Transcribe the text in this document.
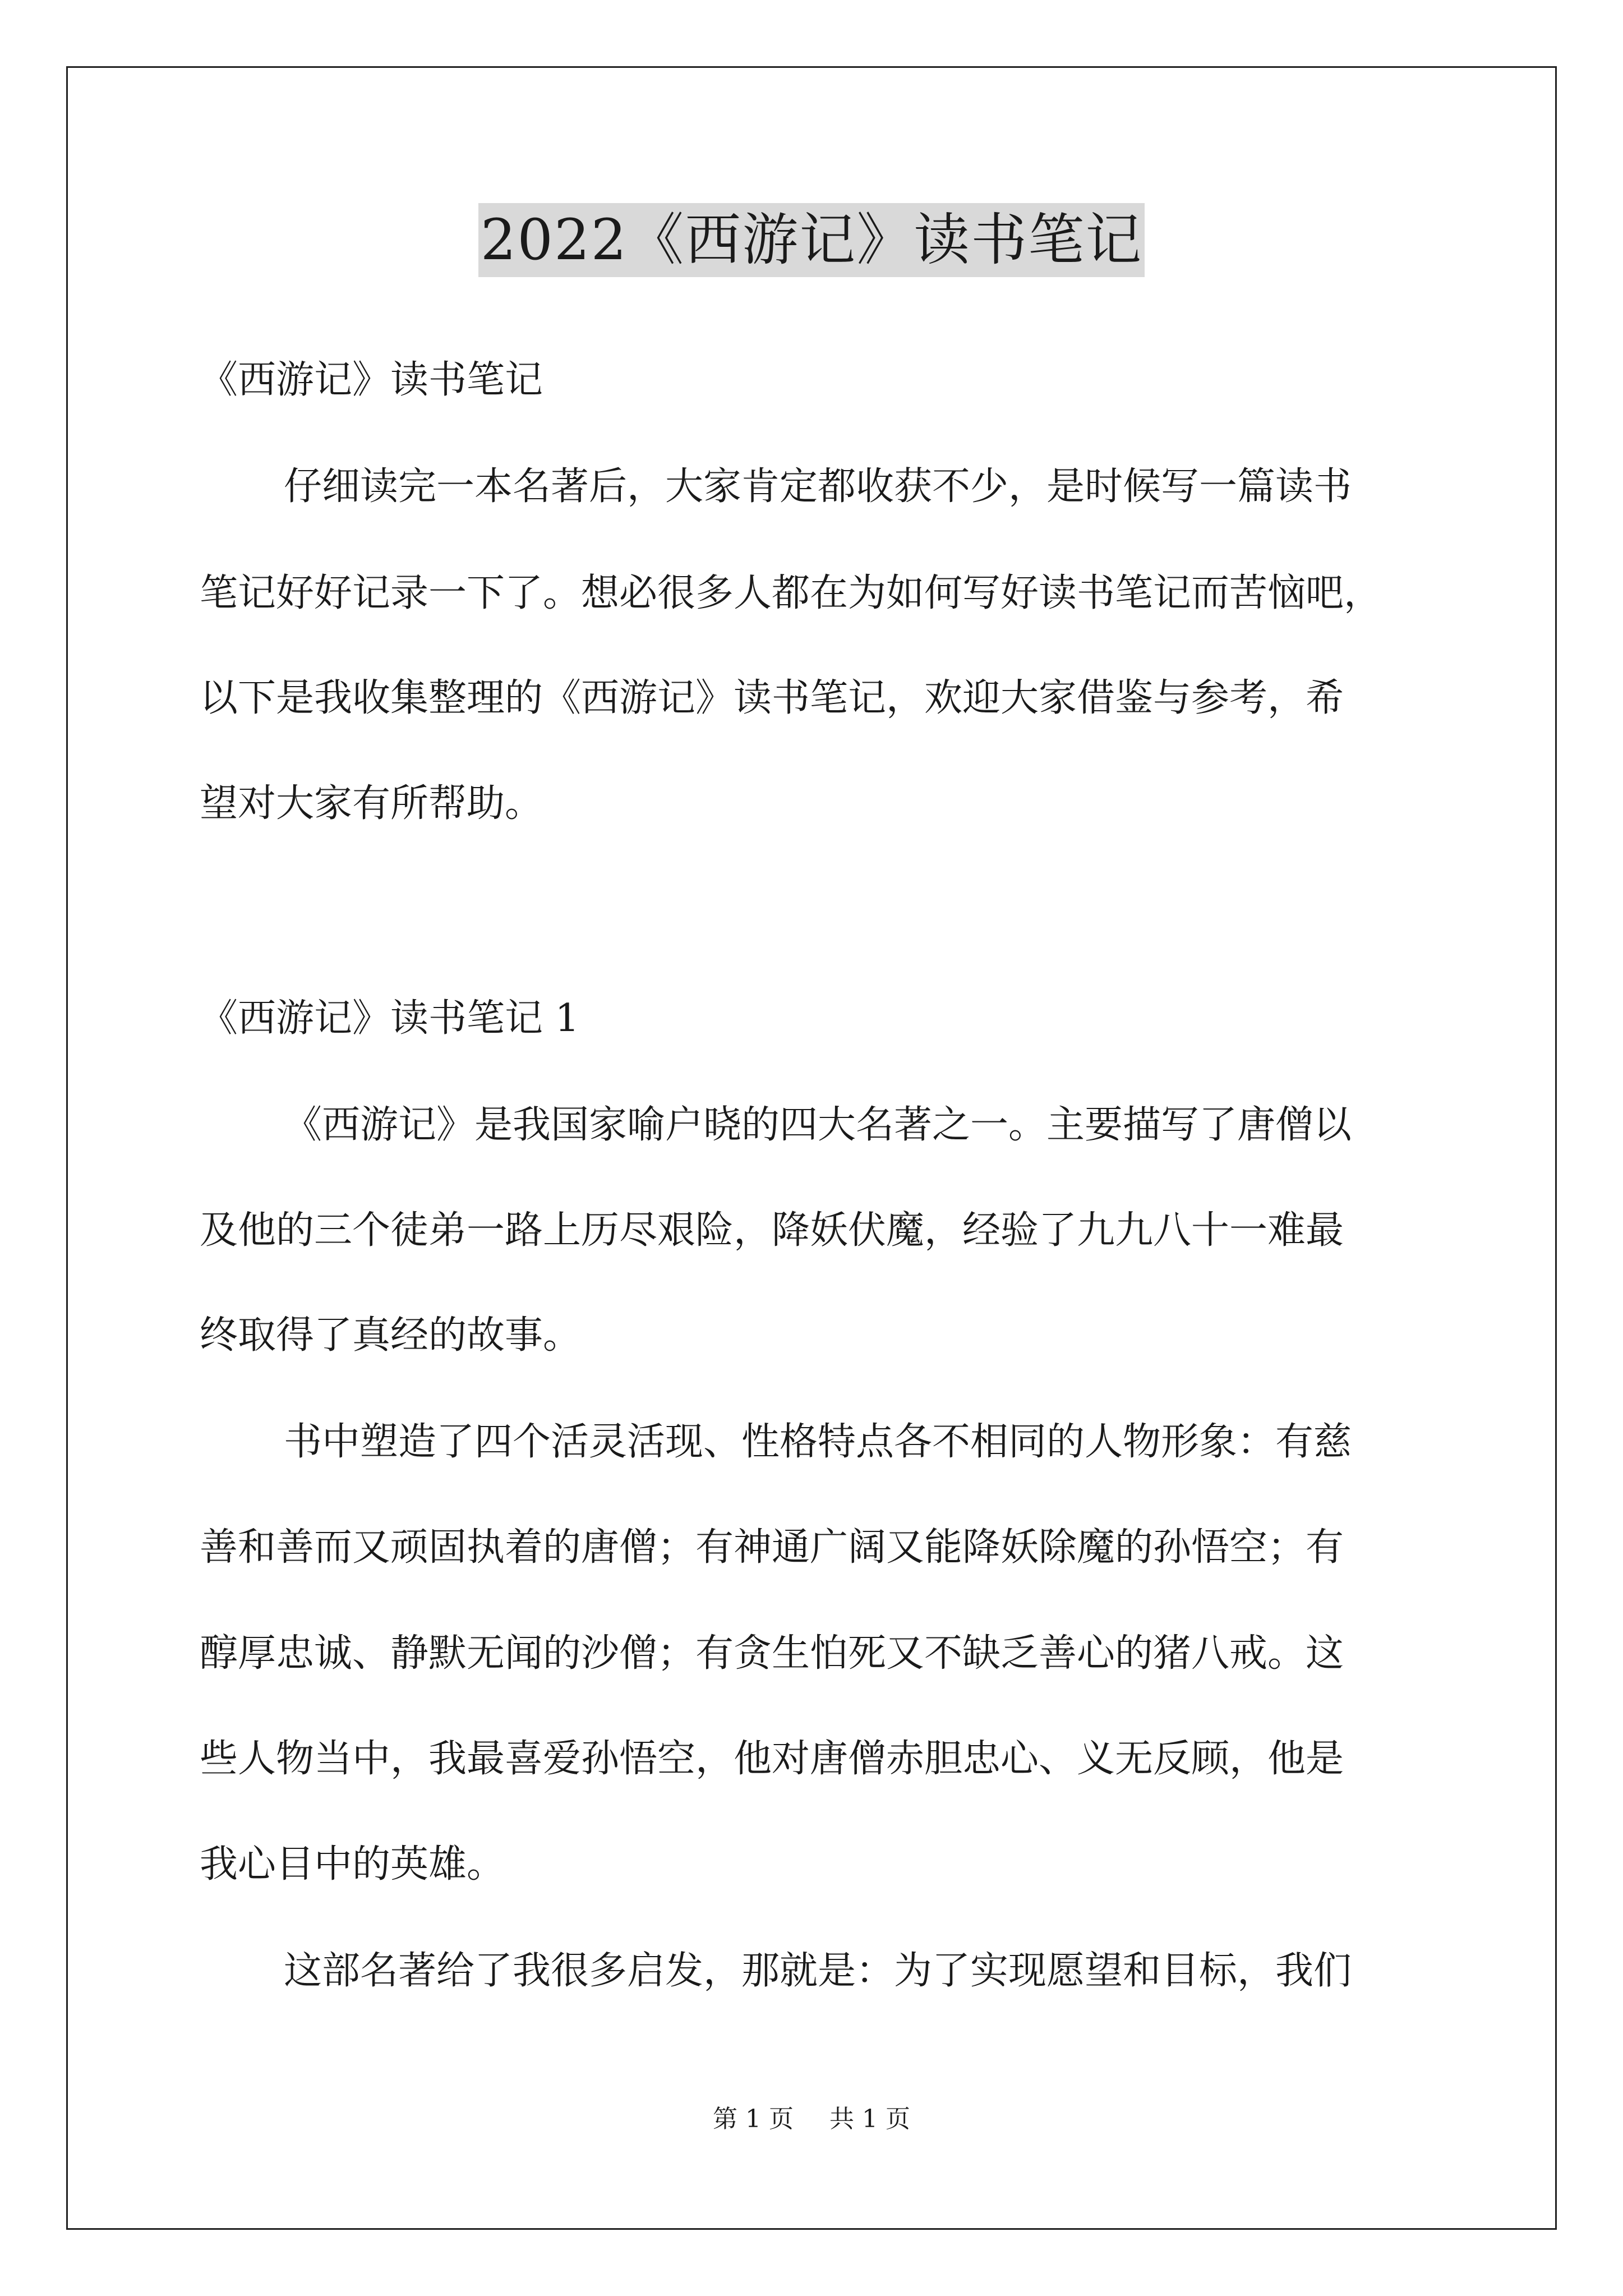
2022《西游记》读书笔记

《西游记》读书笔记

仔细读完一本名著后，大家肯定都收获不少，是时候写一篇读书

笔记好好记录一下了。想必很多人都在为如何写好读书笔记而苦恼吧，

以下是我收集整理的《西游记》读书笔记，欢迎大家借鉴与参考，希

望对大家有所帮助。

《西游记》读书笔记 1

《西游记》是我国家喻户晓的四大名著之一。主要描写了唐僧以

及他的三个徒弟一路上历尽艰险，降妖伏魔，经验了九九八十一难最

终取得了真经的故事。

书中塑造了四个活灵活现、性格特点各不相同的人物形象：有慈

善和善而又顽固执着的唐僧；有神通广阔又能降妖除魔的孙悟空；有

醇厚忠诚、静默无闻的沙僧；有贪生怕死又不缺乏善心的猪八戒。这

些人物当中，我最喜爱孙悟空，他对唐僧赤胆忠心、义无反顾，他是

我心目中的英雄。

这部名著给了我很多启发，那就是：为了实现愿望和目标，我们

第 1 页 共 1 页
